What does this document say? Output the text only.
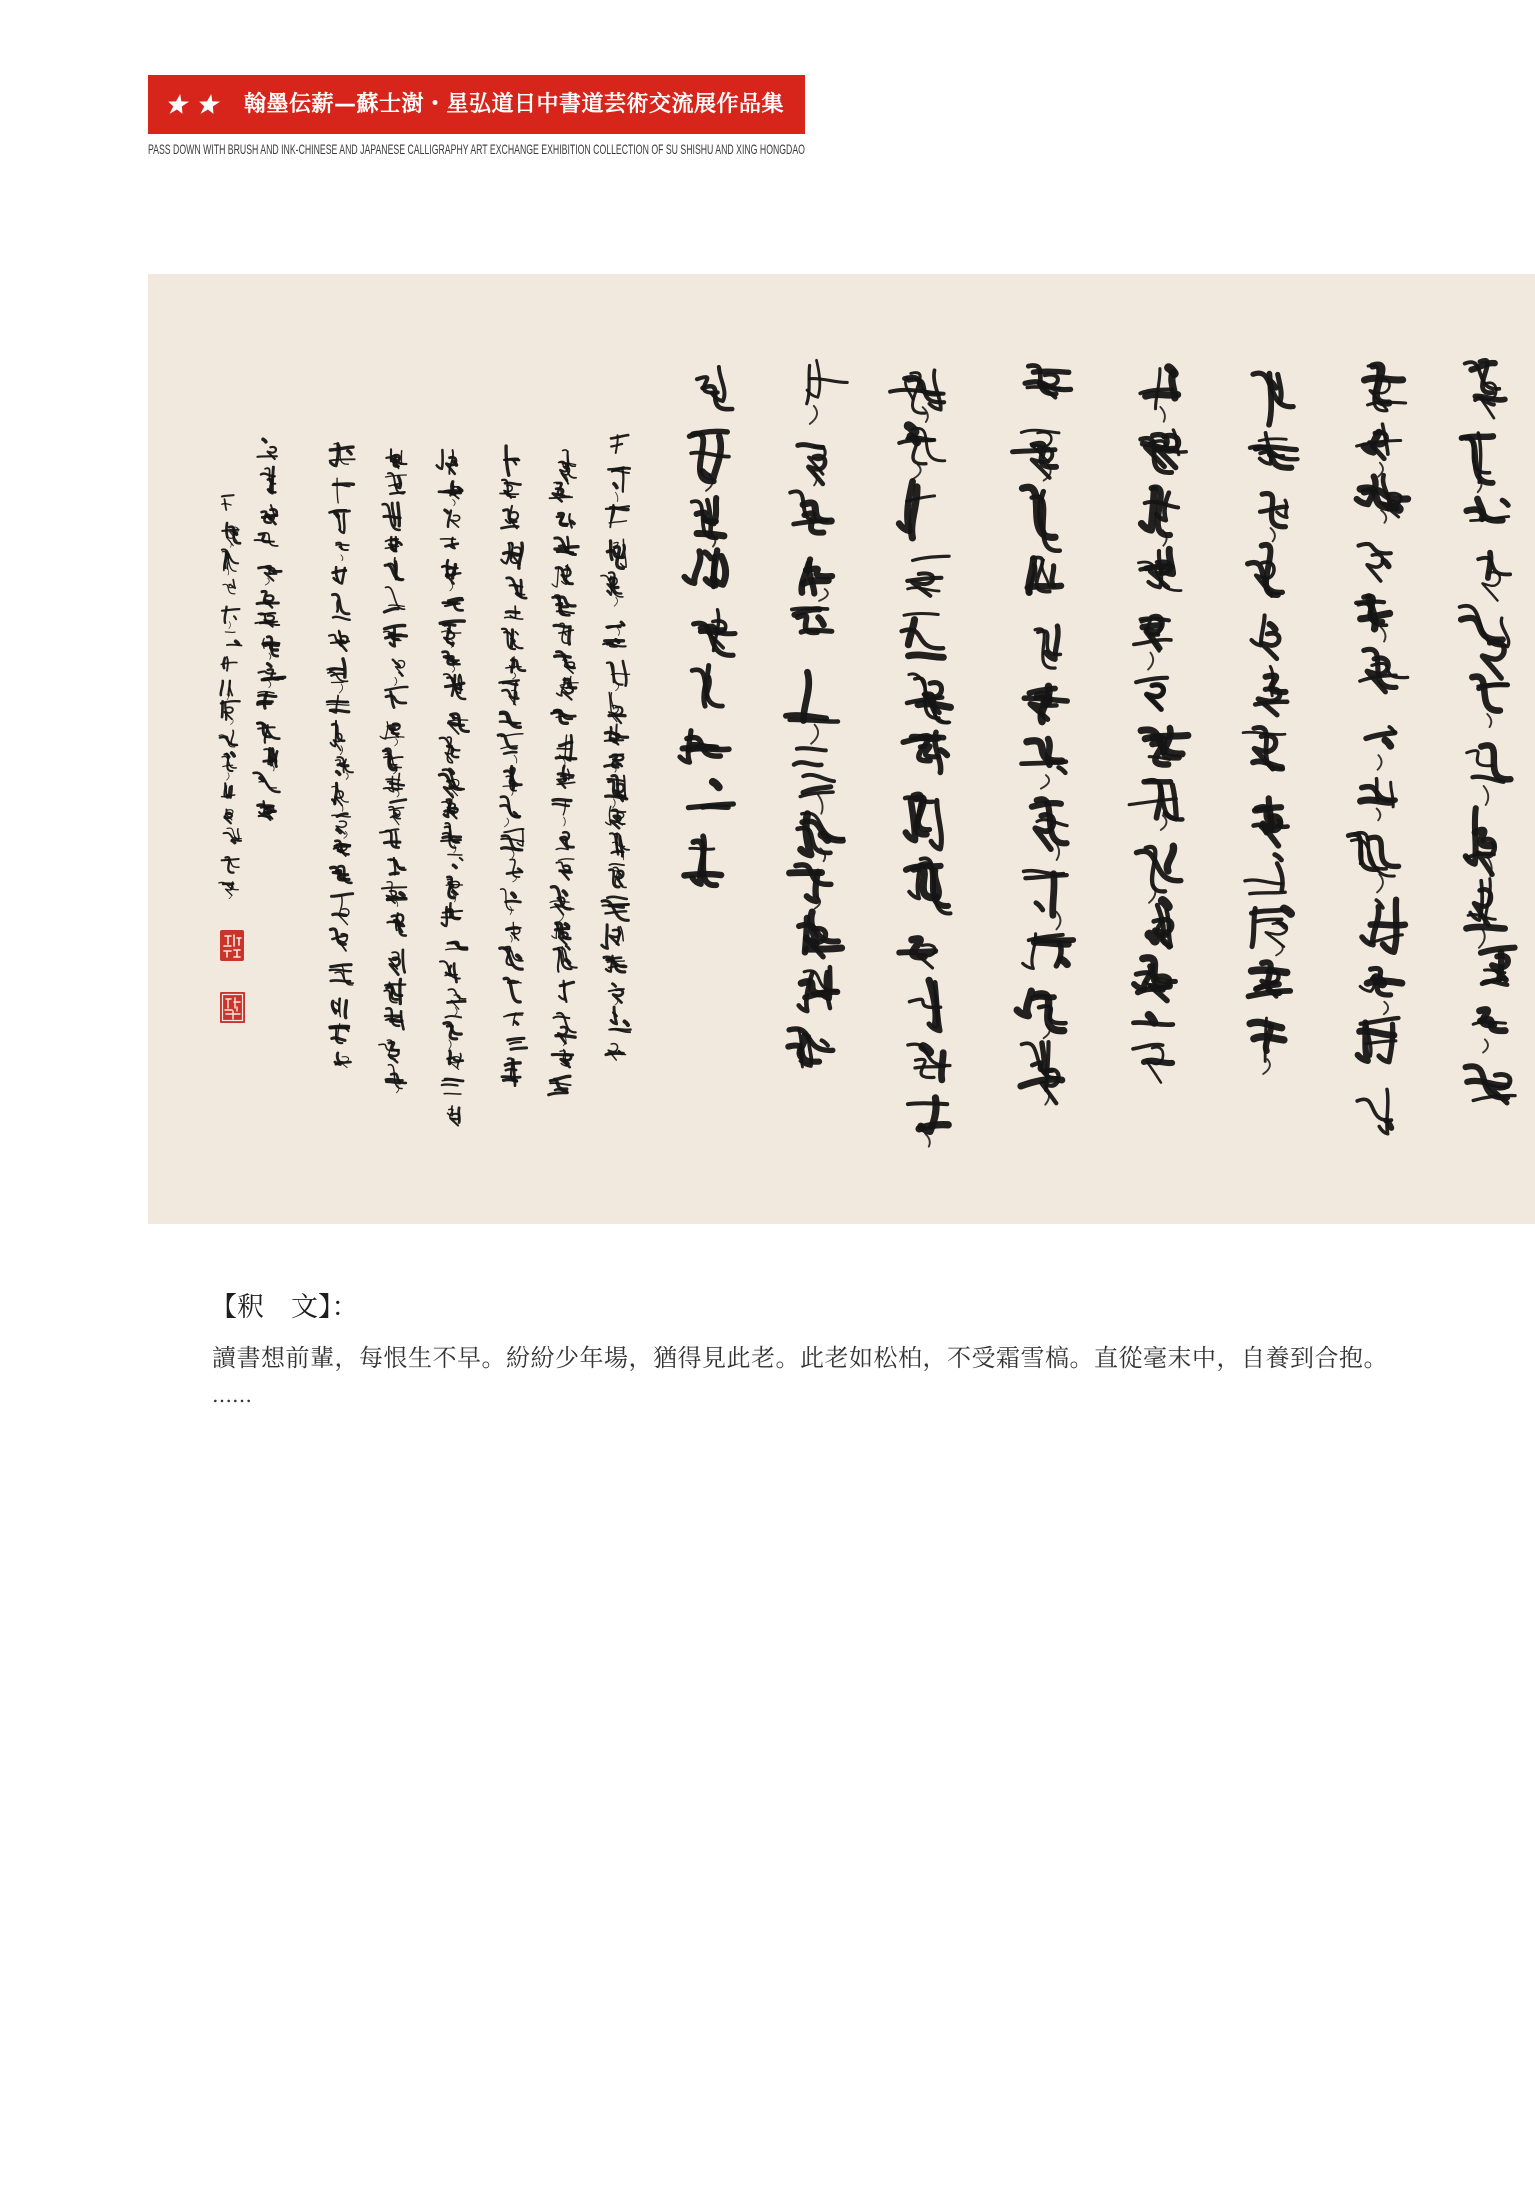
翰墨伝薪—蘇士澍・星弘道日中書道芸術交流展作品集
PASS DOWN WITH BRUSH AND INK-CHINESE AND JAPANESE CALLIGRAPHY ART EXCHANGE EXHIBITION COLLECTION OF SU SHISHU AND XING HONGDAO
【釈　文】：
讀書想前輩，每恨生不早。紛紛少年場，猶得見此老。此老如松柏，不受霜雪槁。直從毫末中，自養到合抱。
……
